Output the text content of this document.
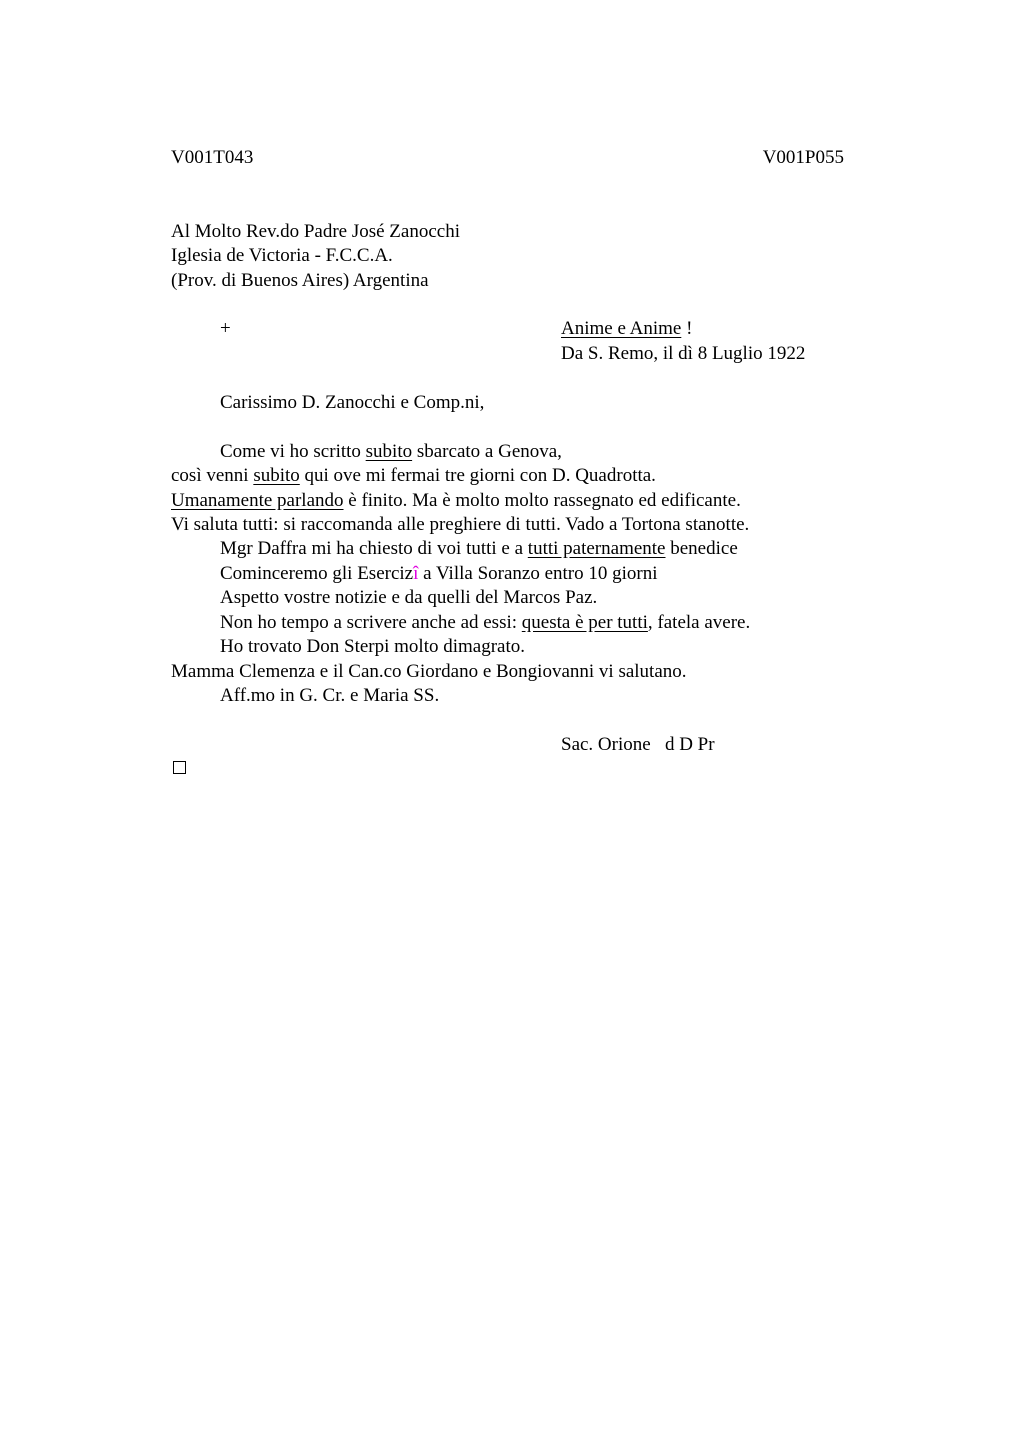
V001T043	V001P055
Al Molto Rev.do Padre José Zanocchi
Iglesia de Victoria - F.C.C.A.
(Prov. di Buenos Aires) Argentina
+	Anime e Anime !
Da S. Remo, il dì 8 Luglio 1922
Carissimo D. Zanocchi e Comp.ni,
Come vi ho scritto subito sbarcato a Genova,
così venni subito qui ove mi fermai tre giorni con D. Quadrotta.
Umanamente parlando è finito. Ma è molto molto rassegnato ed edificante.
Vi saluta tutti: si raccomanda alle preghiere di tutti. Vado a Tortona stanotte.
Mgr Daffra mi ha chiesto di voi tutti e a tutti paternamente benedice
Cominceremo gli Esercizî a Villa Soranzo entro 10 giorni
Aspetto vostre notizie e da quelli del Marcos Paz.
Non ho tempo a scrivere anche ad essi: questa è per tutti, fatela avere.
Ho trovato Don Sterpi molto dimagrato.
Mamma Clemenza e il Can.co Giordano e Bongiovanni vi salutano.
Aff.mo in G. Cr. e Maria SS.
Sac. Orione   d D Pr
